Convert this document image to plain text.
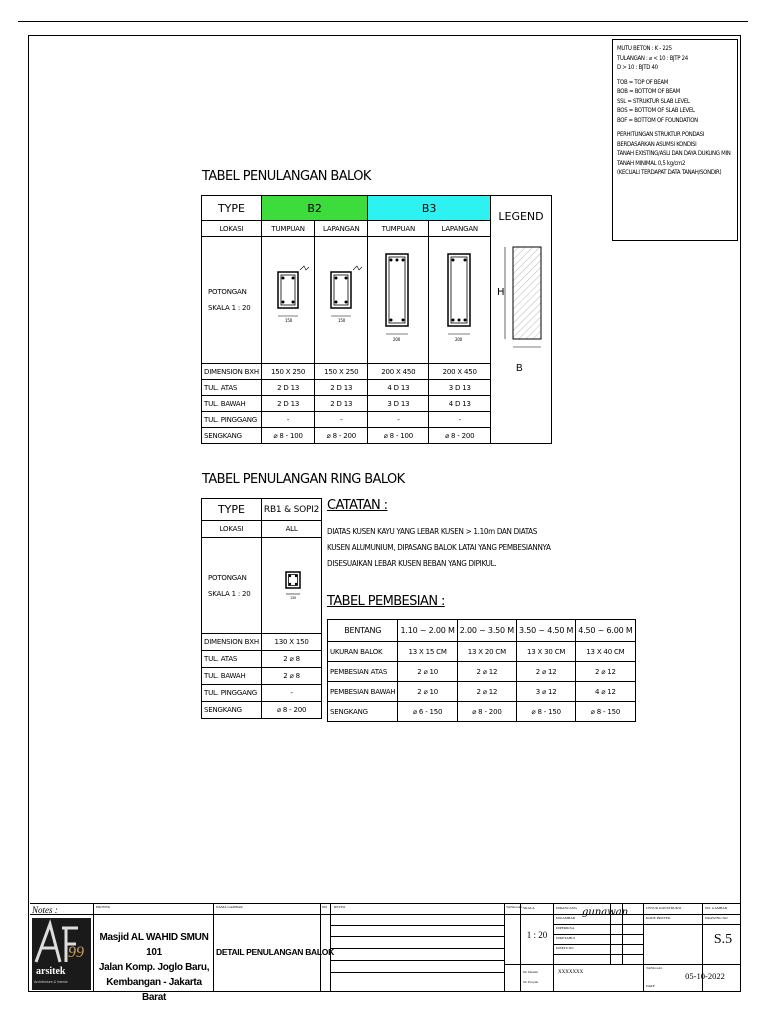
MUTU BETON : K - 225
TULANGAN : ⌀ < 10 : BJTP 24
D > 10 : BJTD 40
TOB = TOP OF BEAM
BOB = BOTTOM OF BEAM
SSL = STRUKTUR SLAB LEVEL
BOS = BOTTOM OF SLAB LEVEL
BOF = BOTTOM OF FOUNDATION
PERHITUNGAN STRUKTUR PONDASI
BERDASARKAN ASUMSI KONDISI
TANAH EXISTING/ASLI DAN DAYA DUKUNG MIN
TANAH MINIMAL 0,5 kg/cm2
(KECUALI TERDAPAT DATA TANAH/SONDIR)
TABEL PENULANGAN BALOK
TYPE	B2		B3		LEGEND
LOKASI	TUMPUAN	LAPANGAN	TUMPUAN	LAPANGAN	

POTONGAN
SKALA 1 : 20	150	150	200	200	H

DIMENSION BXH	150 X 250	150 X 250	200 X 450	200 X 450	
TUL. ATAS	2 D 13	2 D 13	4 D 13	3 D 13	
TUL. BAWAH	2 D 13	2 D 13	3 D 13	4 D 13	
TUL. PINGGANG	-	-	-	-	
SENGKANG	⌀ 8 - 100	⌀ 8 - 200	⌀ 8 - 100	⌀ 8 - 200	
B
TABEL PENULANGAN RING BALOK
TYPE	RB1 & SOPI2
LOKASI	ALL

POTONGAN
SKALA 1 : 20	130

DIMENSION BXH	130 X 150
TUL. ATAS	2 ⌀ 8
TUL. BAWAH	2 ⌀ 8
TUL. PINGGANG	-
SENGKANG	⌀ 8 - 200
CATATAN :
DIATAS KUSEN KAYU YANG LEBAR KUSEN > 1.10m DAN DIATAS
KUSEN ALUMUNIUM, DIPASANG BALOK LATAI YANG PEMBESIANNYA
DISESUAIKAN LEBAR KUSEN BEBAN YANG DIPIKUL.
TABEL PEMBESIAN :
BENTANG	1.10 ~ 2.00 M	2.00 ~ 3.50 M	3.50 ~ 4.50 M	4.50 ~ 6.00 M
UKURAN BALOK	13 X 15 CM	13 X 20 CM	13 X 30 CM	13 X 40 CM
PEMBESIAN ATAS	2 ⌀ 10	2 ⌀ 12	2 ⌀ 12	2 ⌀ 12
PEMBESIAN BAWAH	2 ⌀ 10	2 ⌀ 12	3 ⌀ 12	4 ⌀ 12
SENGKANG	⌀ 6 - 150	⌀ 8 - 200	⌀ 8 - 150	⌀ 8 - 150
Notes :	PROYEK	NAMA GAMBAR	NO REVISI	TANGGAL SKALA	DIRANCANG
DIGAMBAR
DIPERIKSA
DIKETAHUI
DISETUJUI
UNTUK KONSTRUKSI
KODE PROYEK
NO. GAMBAR
DRAWING NO
TANGGAL
DATE
No Desain
No Proyek
99
arsitek
Architecture & Interior
Masjid AL WAHID SMUN 101
Jalan Komp. Joglo Baru,
Kembangan - Jakarta Barat
DETAIL PENULANGAN BALOK
1 : 20
gunawan
XXXXXXX
S.5
05-10-2022
